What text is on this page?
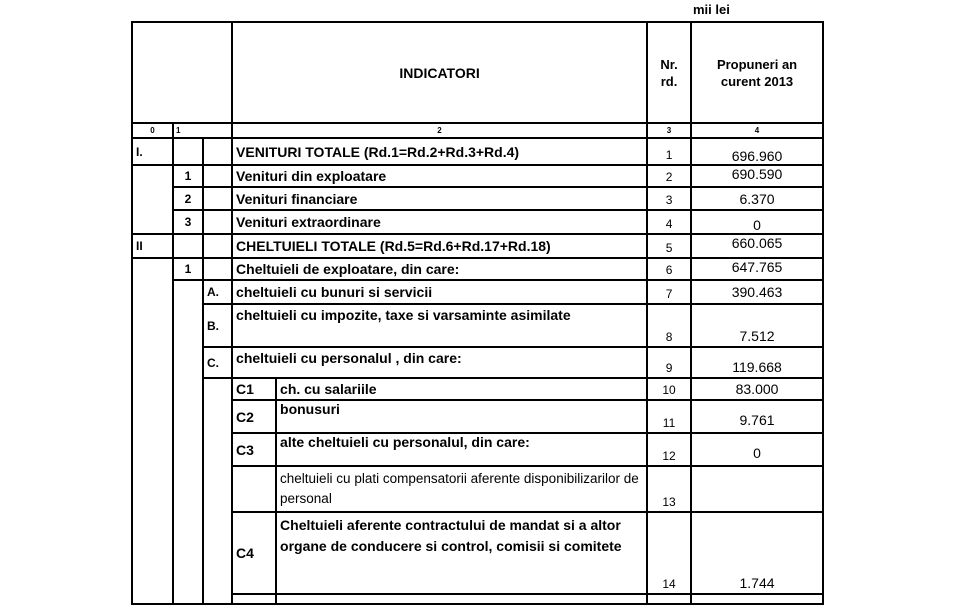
mii lei
			INDICATORI		Nr. rd.	Propuneri an curent 2013
0	1		2		3	4
I.			VENITURI TOTALE (Rd.1=Rd.2+Rd.3+Rd.4)		1	696.960
	1		Venituri din exploatare		2	690.590
	2		Venituri financiare		3	6.370
	3		Venituri extraordinare		4	0
II			CHELTUIELI TOTALE (Rd.5=Rd.6+Rd.17+Rd.18)		5	660.065
	1		Cheltuieli de exploatare, din care:		6	647.765
		A.	cheltuieli cu bunuri si servicii		7	390.463
		B.	cheltuieli cu impozite, taxe si varsaminte asimilate		8	7.512
		C.	cheltuieli cu personalul , din care:		9	119.668
			C1	ch. cu salariile	10	83.000
			C2	bonusuri	11	9.761
			C3	alte cheltuieli cu personalul, din care:	12	0
				cheltuieli cu plati compensatorii aferente disponibilizarilor de personal	13	
			C4	Cheltuieli aferente contractului de mandat si a altor organe de conducere si control, comisii si comitete	14	1.744
